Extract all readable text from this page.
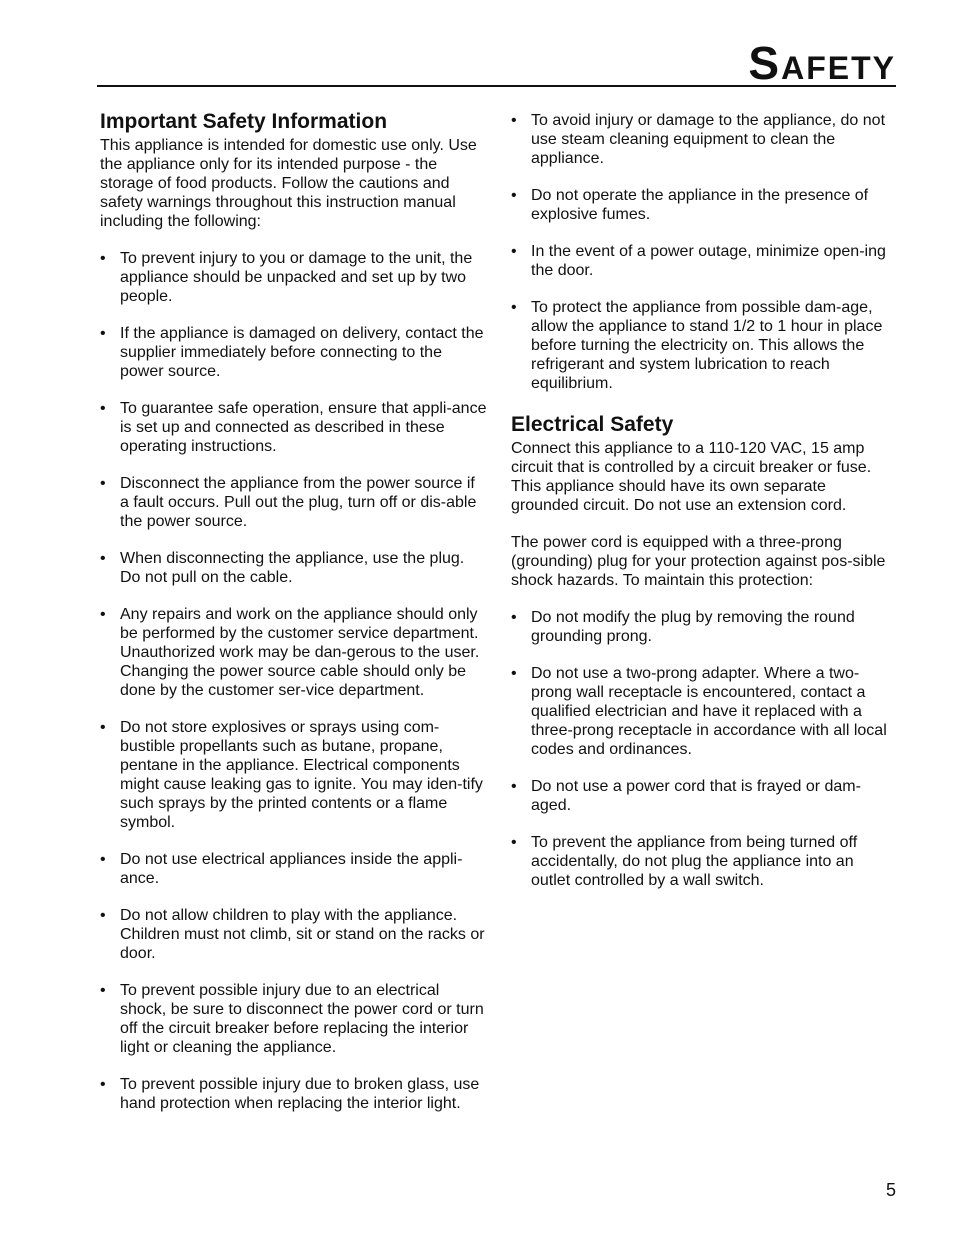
Safety
Important Safety Information

This appliance is intended for domestic use only. Use the appliance only for its intended purpose - the storage of food products. Follow the cautions and safety warnings throughout this instruction manual including the following:

• To prevent injury to you or damage to the unit, the appliance should be unpacked and set up by two people.
• If the appliance is damaged on delivery, contact the supplier immediately before connecting to the power source.
• To guarantee safe operation, ensure that appli-ance is set up and connected as described in these operating instructions.
• Disconnect the appliance from the power source if a fault occurs. Pull out the plug, turn off or dis-able the power source.
• When disconnecting the appliance, use the plug. Do not pull on the cable.
• Any repairs and work on the appliance should only be performed by the customer service department. Unauthorized work may be dan-gerous to the user. Changing the power source cable should only be done by the customer ser-vice department.
• Do not store explosives or sprays using com-bustible propellants such as butane, propane, pentane in the appliance. Electrical components might cause leaking gas to ignite. You may iden-tify such sprays by the printed contents or a flame symbol.
• Do not use electrical appliances inside the appli-ance.
• Do not allow children to play with the appliance. Children must not climb, sit or stand on the racks or door.
• To prevent possible injury due to an electrical shock, be sure to disconnect the power cord or turn off the circuit breaker before replacing the interior light or cleaning the appliance.
• To prevent possible injury due to broken glass, use hand protection when replacing the interior light.
• To avoid injury or damage to the appliance, do not use steam cleaning equipment to clean the appliance.
• Do not operate the appliance in the presence of explosive fumes.
• In the event of a power outage, minimize open-ing the door.
• To protect the appliance from possible dam-age, allow the appliance to stand 1/2 to 1 hour in place before turning the electricity on. This allows the refrigerant and system lubrication to reach equilibrium.
Electrical Safety

Connect this appliance to a 110-120 VAC, 15 amp circuit that is controlled by a circuit breaker or fuse. This appliance should have its own separate grounded circuit. Do not use an extension cord.

The power cord is equipped with a three-prong (grounding) plug for your protection against pos-sible shock hazards. To maintain this protection:

• Do not modify the plug by removing the round grounding prong.
• Do not use a two-prong adapter. Where a two-prong wall receptacle is encountered, contact a qualified electrician and have it replaced with a three-prong receptacle in accordance with all local codes and ordinances.
• Do not use a power cord that is frayed or dam-aged.
• To prevent the appliance from being turned off accidentally, do not plug the appliance into an outlet controlled by a wall switch.
5
